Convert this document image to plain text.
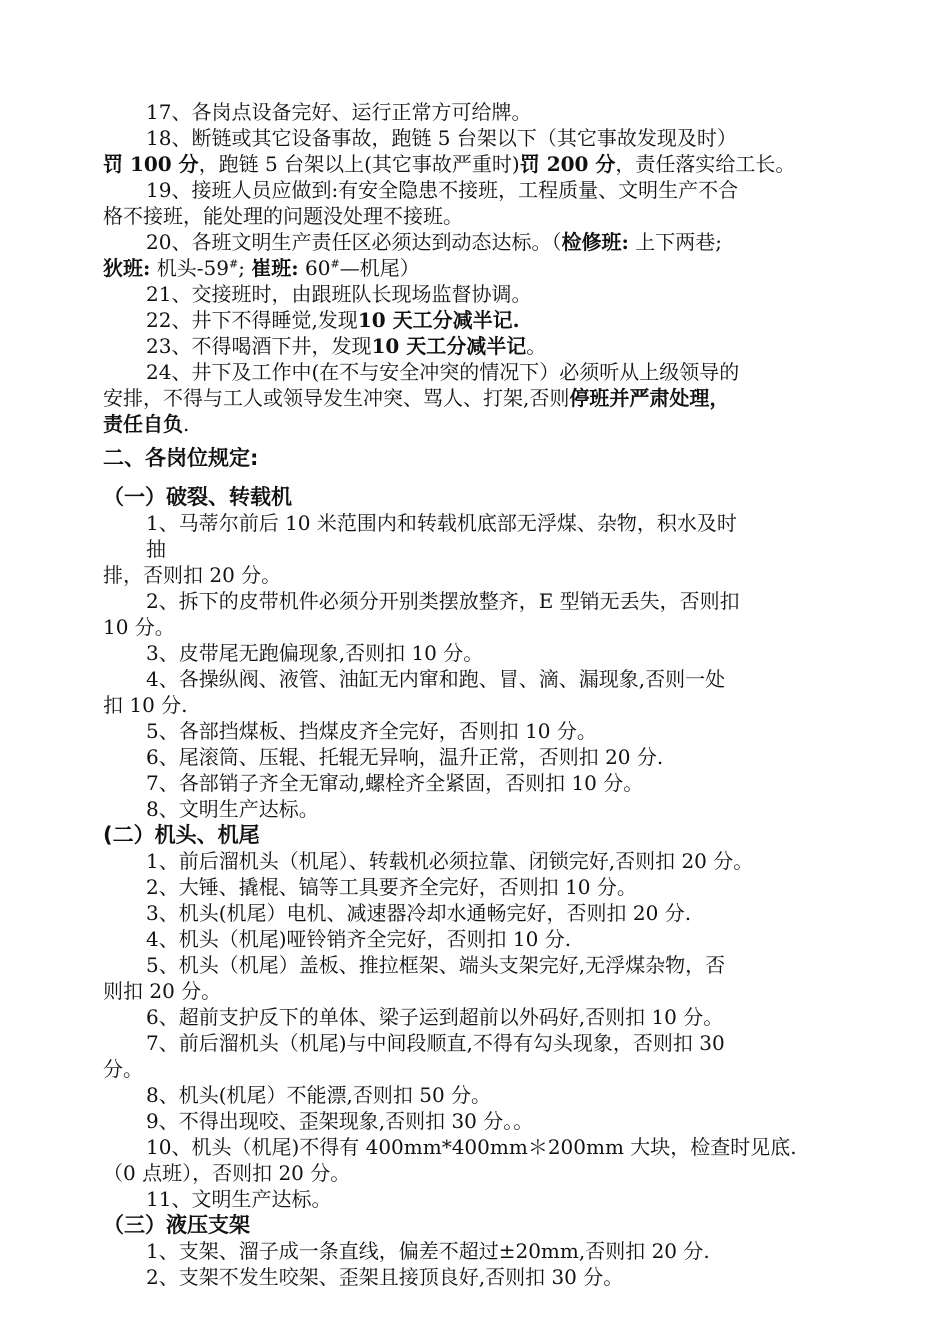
17、各岗点设备完好、运行正常方可给牌。
18、断链或其它设备事故，跑链 5 台架以下（其它事故发现及时）
罚 100 分，跑链 5 台架以上(其它事故严重时)罚 200 分，责任落实给工长。
19、接班人员应做到:有安全隐患不接班，工程质量、文明生产不合
格不接班，能处理的问题没处理不接班。
20、各班文明生产责任区必须达到动态达标。（检修班: 上下两巷;
狄班: 机头-59#; 崔班: 60#—机尾）
21、交接班时，由跟班队长现场监督协调。
22、井下不得睡觉,发现10 天工分减半记.
23、不得喝酒下井，发现10 天工分减半记。
24、井下及工作中(在不与安全冲突的情况下）必须听从上级领导的
安排，不得与工人或领导发生冲突、骂人、打架,否则停班并严肃处理，
责任自负.
二、各岗位规定:
（一）破裂、转载机
1、马蒂尔前后 10 米范围内和转载机底部无浮煤、杂物，积水及时
抽
排，否则扣 20 分。
2、拆下的皮带机件必须分开别类摆放整齐，E 型销无丢失，否则扣
10 分。
3、皮带尾无跑偏现象,否则扣 10 分。
4、各操纵阀、液管、油缸无内窜和跑、冒、滴、漏现象,否则一处
扣 10 分.
5、各部挡煤板、挡煤皮齐全完好，否则扣 10 分。
6、尾滚筒、压辊、托辊无异响，温升正常，否则扣 20 分.
7、各部销子齐全无窜动,螺栓齐全紧固，否则扣 10 分。
8、文明生产达标。
(二）机头、机尾
1、前后溜机头（机尾）、转载机必须拉靠、闭锁完好,否则扣 20 分。
2、大锤、撬棍、镐等工具要齐全完好，否则扣 10 分。
3、机头(机尾）电机、减速器冷却水通畅完好，否则扣 20 分.
4、机头（机尾)哑铃销齐全完好，否则扣 10 分.
5、机头（机尾）盖板、推拉框架、端头支架完好,无浮煤杂物，否
则扣 20 分。
6、超前支护反下的单体、梁子运到超前以外码好,否则扣 10 分。
7、前后溜机头（机尾)与中间段顺直,不得有勾头现象，否则扣 30
分。
8、机头(机尾）不能漂,否则扣 50 分。
9、不得出现咬、歪架现象,否则扣 30 分。。
10、机头（机尾)不得有 400mm*400mm＊200mm 大块，检查时见底.
（0 点班），否则扣 20 分。
11、文明生产达标。
（三）液压支架
1、支架、溜子成一条直线，偏差不超过±20mm,否则扣 20 分.
2、支架不发生咬架、歪架且接顶良好,否则扣 30 分。
